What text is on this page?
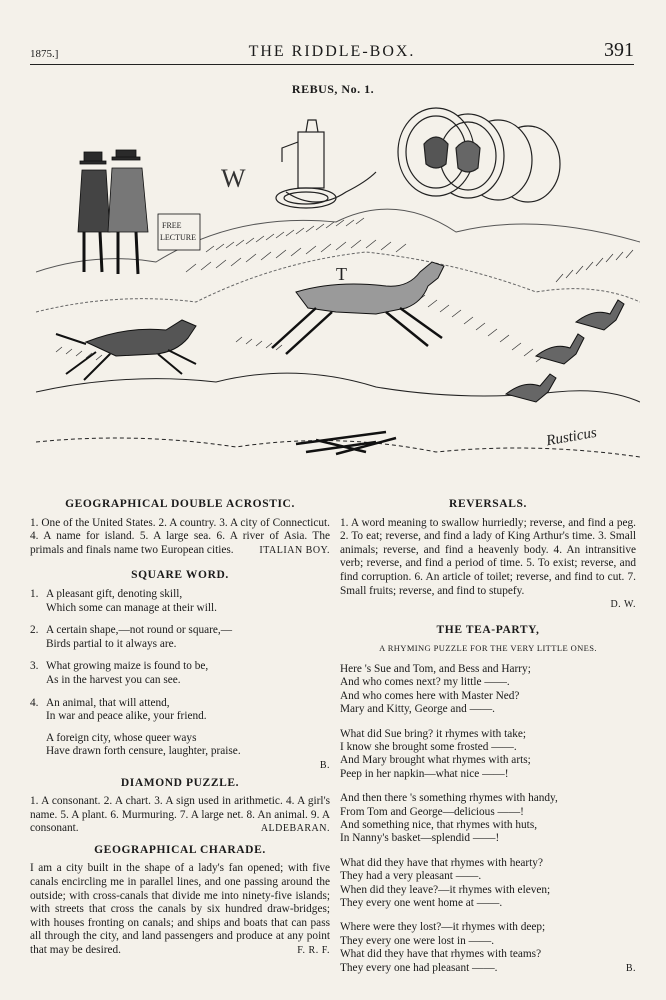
1875.]	THE RIDDLE-BOX.	391
REBUS, No. 1.
FREE
LECTURE
W
T
Rusticus
GEOGRAPHICAL DOUBLE ACROSTIC.
1. One of the United States. 2. A country. 3. A city of Connecticut. 4. A name for island. 5. A large sea. 6. A river of Asia. The primals and finals name two European cities.	ITALIAN BOY.
SQUARE WORD.
1. A pleasant gift, denoting skill,
Which some can manage at their will.
2. A certain shape,—not round or square,—
Birds partial to it always are.
3. What growing maize is found to be,
As in the harvest you can see.
4. An animal, that will attend,
In war and peace alike, your friend.
A foreign city, whose queer ways
Have drawn forth censure, laughter, praise.
B.
DIAMOND PUZZLE.
1. A consonant. 2. A chart. 3. A sign used in arithmetic. 4. A girl's name. 5. A plant. 6. Murmuring. 7. A large net. 8. An animal. 9. A consonant.	ALDEBARAN.
GEOGRAPHICAL CHARADE.
I am a city built in the shape of a lady's fan opened; with five canals encircling me in parallel lines, and one passing around the outside; with cross-canals that divide me into ninety-five islands; with streets that cross the canals by six hundred draw-bridges; with houses fronting on canals; and ships and boats that can pass all through the city, and land passengers and produce at any point that may be desired.	F. R. F.
REVERSALS.
1. A word meaning to swallow hurriedly; reverse, and find a peg. 2. To eat; reverse, and find a lady of King Arthur's time. 3. Small animals; reverse, and find a heavenly body. 4. An intransitive verb; reverse, and find a period of time. 5. To exist; reverse, and find corruption. 6. An article of toilet; reverse, and find to cut. 7. Small fruits; reverse, and find to stupefy.
D. W.
THE TEA-PARTY,
A RHYMING PUZZLE FOR THE VERY LITTLE ONES.
Here 's Sue and Tom, and Bess and Harry;
And who comes next? my little ——.
And who comes here with Master Ned?
Mary and Kitty, George and ——.
What did Sue bring? it rhymes with take;
I know she brought some frosted ——.
And Mary brought what rhymes with arts;
Peep in her napkin—what nice ——!
And then there 's something rhymes with handy,
From Tom and George—delicious ——!
And something nice, that rhymes with huts,
In Nanny's basket—splendid ——!
What did they have that rhymes with hearty?
They had a very pleasant ——.
When did they leave?—it rhymes with eleven;
They every one went home at ——.
Where were they lost?—it rhymes with deep;
They every one were lost in ——.
What did they have that rhymes with teams?
They every one had pleasant ——.	B.
